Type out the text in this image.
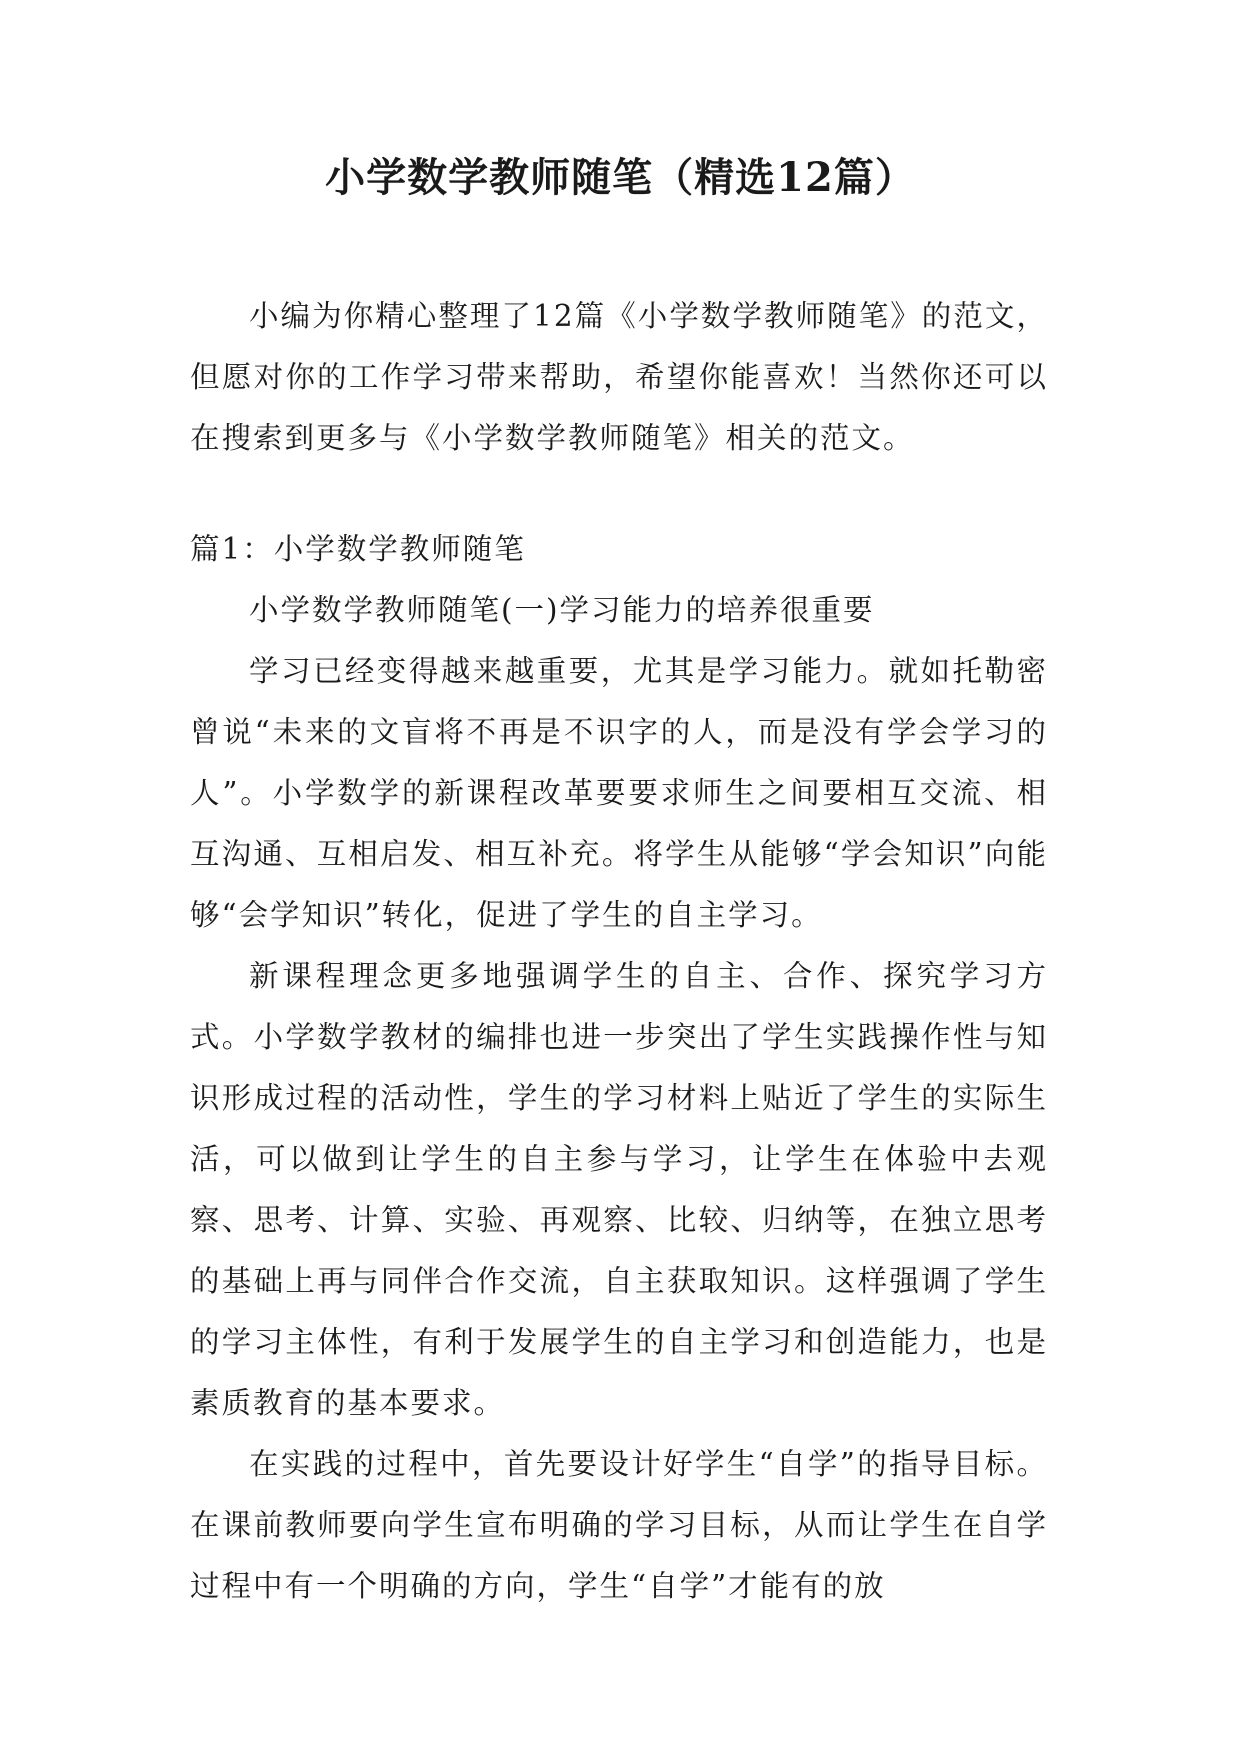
小学数学教师随笔（精选12篇）

小编为你精心整理了12篇《小学数学教师随笔》的范文，但愿对你的工作学习带来帮助，希望你能喜欢！当然你还可以在搜索到更多与《小学数学教师随笔》相关的范文。

篇1：小学数学教师随笔

小学数学教师随笔(一)学习能力的培养很重要

学习已经变得越来越重要，尤其是学习能力。就如托勒密曾说“未来的文盲将不再是不识字的人，而是没有学会学习的人”。小学数学的新课程改革要要求师生之间要相互交流、相互沟通、互相启发、相互补充。将学生从能够“学会知识”向能够“会学知识”转化，促进了学生的自主学习。

新课程理念更多地强调学生的自主、合作、探究学习方式。小学数学教材的编排也进一步突出了学生实践操作性与知识形成过程的活动性，学生的学习材料上贴近了学生的实际生活，可以做到让学生的自主参与学习，让学生在体验中去观察、思考、计算、实验、再观察、比较、归纳等，在独立思考的基础上再与同伴合作交流，自主获取知识。这样强调了学生的学习主体性，有利于发展学生的自主学习和创造能力，也是素质教育的基本要求。

在实践的过程中，首先要设计好学生“自学”的指导目标。在课前教师要向学生宣布明确的学习目标，从而让学生在自学过程中有一个明确的方向，学生“自学”才能有的放
